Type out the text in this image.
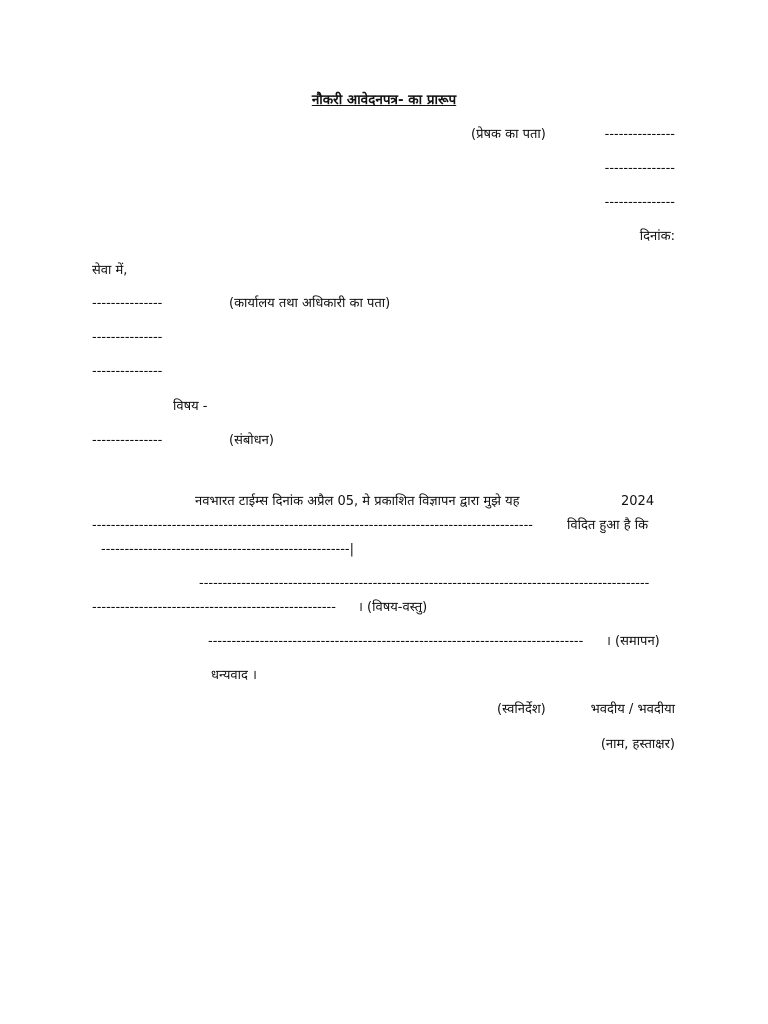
नौकरी आवेदनपत्र- का प्रारूप
(प्रेषक का पता)	---------------
---------------
---------------
दिनांक:
सेवा में,
---------------	(कार्यालय तथा अधिकारी का पता)
---------------
---------------
विषय -
---------------	(संबोधन)
नवभारत टाईम्स दिनांक अप्रैल 05, मे प्रकाशित विज्ञापन द्वारा मुझे यह	2024
----------------------------------------------------------------------------------------------	विदित हुआ है कि
-----------------------------------------------------|
------------------------------------------------------------------------------------------------
----------------------------------------------------	। (विषय-वस्तु)
--------------------------------------------------------------------------------	। (समापन)
धन्यवाद ।
(स्वनिर्देश)	भवदीय / भवदीया
(नाम, हस्ताक्षर)
